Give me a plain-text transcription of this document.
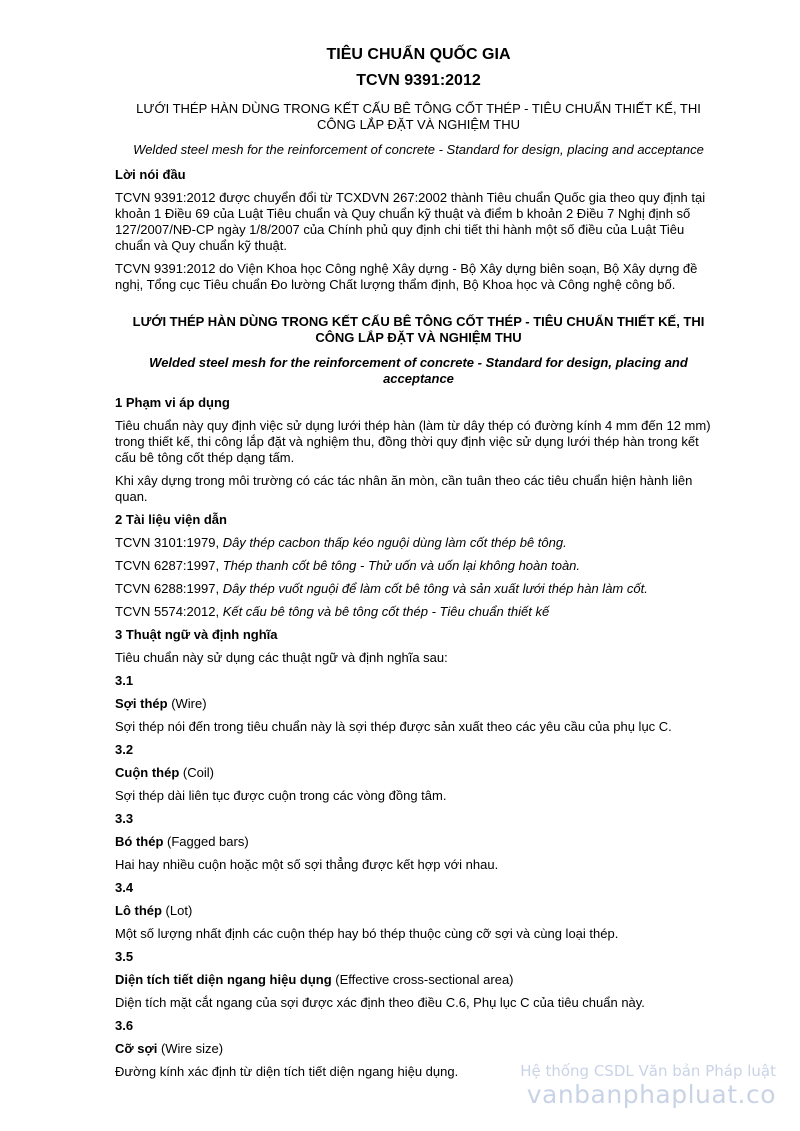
TIÊU CHUẨN QUỐC GIA
TCVN 9391:2012
LƯỚI THÉP HÀN DÙNG TRONG KẾT CẤU BÊ TÔNG CỐT THÉP - TIÊU CHUẨN THIẾT KẾ, THI CÔNG LẮP ĐẶT VÀ NGHIỆM THU
Welded steel mesh for the reinforcement of concrete - Standard for design, placing and acceptance
Lời nói đầu

TCVN 9391:2012 được chuyển đổi từ TCXDVN 267:2002 thành Tiêu chuẩn Quốc gia theo quy định tại khoản 1 Điều 69 của Luật Tiêu chuẩn và Quy chuẩn kỹ thuật và điểm b khoản 2 Điều 7 Nghị định số 127/2007/NĐ-CP ngày 1/8/2007 của Chính phủ quy định chi tiết thi hành một số điều của Luật Tiêu chuẩn và Quy chuẩn kỹ thuật.

TCVN 9391:2012 do Viện Khoa học Công nghệ Xây dựng - Bộ Xây dựng biên soạn, Bộ Xây dựng đề nghị, Tổng cục Tiêu chuẩn Đo lường Chất lượng thẩm định, Bộ Khoa học và Công nghệ công bố.

LƯỚI THÉP HÀN DÙNG TRONG KẾT CẤU BÊ TÔNG CỐT THÉP - TIÊU CHUẨN THIẾT KẾ, THI CÔNG LẮP ĐẶT VÀ NGHIỆM THU
Welded steel mesh for the reinforcement of concrete - Standard for design, placing and acceptance
1 Phạm vi áp dụng

Tiêu chuẩn này quy định việc sử dụng lưới thép hàn (làm từ dây thép có đường kính 4 mm đến 12 mm) trong thiết kế, thi công lắp đặt và nghiệm thu, đồng thời quy định việc sử dụng lưới thép hàn trong kết cấu bê tông cốt thép dạng tấm.

Khi xây dựng trong môi trường có các tác nhân ăn mòn, cần tuân theo các tiêu chuẩn hiện hành liên quan.

2 Tài liệu viện dẫn

TCVN 3101:1979, Dây thép cacbon thấp kéo nguội dùng làm cốt thép bê tông.

TCVN 6287:1997, Thép thanh cốt bê tông - Thử uốn và uốn lại không hoàn toàn.

TCVN 6288:1997, Dây thép vuốt nguội để làm cốt bê tông và sản xuất lưới thép hàn làm cốt.

TCVN 5574:2012, Kết cấu bê tông và bê tông cốt thép - Tiêu chuẩn thiết kế

3 Thuật ngữ và định nghĩa

Tiêu chuẩn này sử dụng các thuật ngữ và định nghĩa sau:

3.1

Sợi thép (Wire)

Sợi thép nói đến trong tiêu chuẩn này là sợi thép được sản xuất theo các yêu cầu của phụ lục C.

3.2

Cuộn thép (Coil)

Sợi thép dài liên tục được cuộn trong các vòng đồng tâm.

3.3

Bó thép (Fagged bars)

Hai hay nhiều cuộn hoặc một số sợi thẳng được kết hợp với nhau.

3.4

Lô thép (Lot)

Một số lượng nhất định các cuộn thép hay bó thép thuộc cùng cỡ sợi và cùng loại thép.

3.5

Diện tích tiết diện ngang hiệu dụng (Effective cross-sectional area)

Diện tích mặt cắt ngang của sợi được xác định theo điều C.6, Phụ lục C của tiêu chuẩn này.

3.6

Cỡ sợi (Wire size)

Đường kính xác định từ diện tích tiết diện ngang hiệu dụng.	Hệ thống CSDL Văn bản Pháp luật
vanbanphapluat.co
